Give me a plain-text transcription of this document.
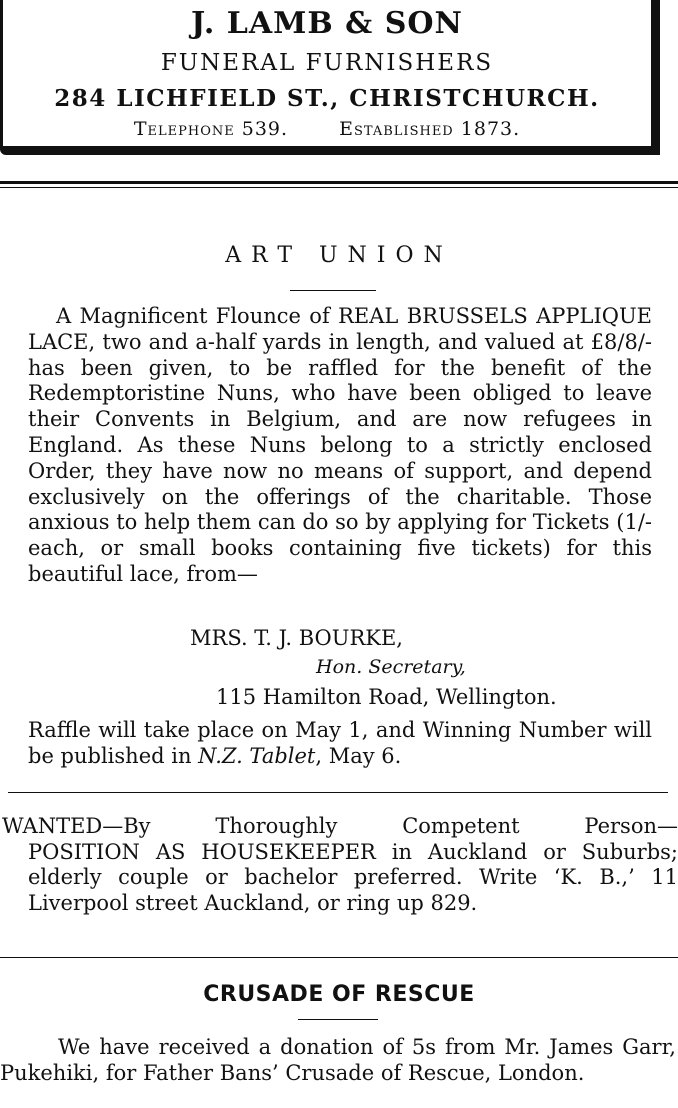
J. LAMB & SON
FUNERAL FURNISHERS
284 LICHFIELD ST., CHRISTCHURCH.
Telephone 539.	Established 1873.
ART UNION

A Magnificent Flounce of REAL BRUSSELS APPLIQUE LACE, two and a-half yards in length, and valued at £8/8/- has been given, to be raffled for the benefit of the Redemptoristine Nuns, who have been obliged to leave their Convents in Belgium, and are now refugees in England. As these Nuns belong to a strictly enclosed Order, they have now no means of support, and depend exclusively on the offerings of the charitable. Those anxious to help them can do so by applying for Tickets (1/- each, or small books containing five tickets) for this beautiful lace, from—

MRS. T. J. BOURKE,
Hon. Secretary,
115 Hamilton Road, Wellington.

Raffle will take place on May 1, and Winning Number will be published in N.Z. Tablet, May 6.

WANTED—By Thoroughly Competent Person—
POSITION AS HOUSEKEEPER in Auckland or Suburbs; elderly couple or bachelor preferred. Write ‘K. B.,’ 11 Liverpool street Auckland, or ring up 829.

CRUSADE OF RESCUE

We have received a donation of 5s from Mr. James Garr, Pukehiki, for Father Bans’ Crusade of Rescue, London.
